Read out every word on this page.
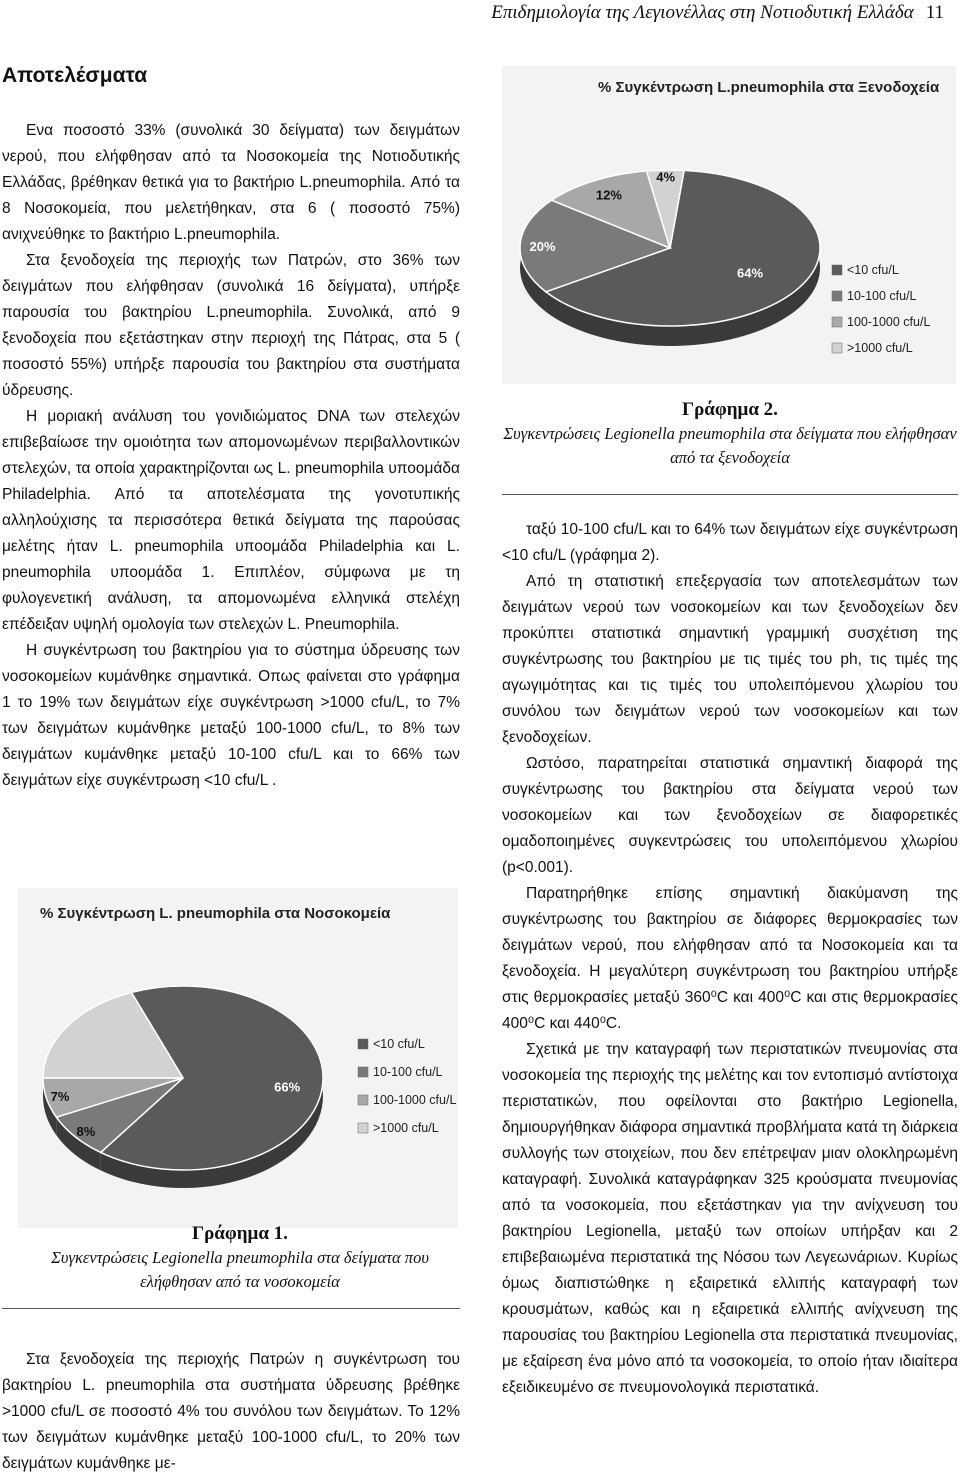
Επιδημιολογία της Λεγιονέλλας στη Νοτιοδυτική Ελλάδα 11
Αποτελέσματα

Ενα ποσοστό 33% (συνολικά 30 δείγματα) των δειγμάτων νερού, που ελήφθησαν από τα Νοσοκομεία της Νοτιοδυτικής Ελλάδας, βρέθηκαν θετικά για το βακτήριο L.pneumophila. Από τα 8 Νοσοκομεία, που μελετήθηκαν, στα 6 ( ποσοστό 75%) ανιχνεύθηκε το βακτήριο L.pneumophila.

Στα ξενοδοχεία της περιοχής των Πατρών, στο 36% των δειγμάτων που ελήφθησαν (συνολικά 16 δείγματα), υπήρξε παρουσία του βακτηρίου L.pneumophila. Συνολικά, από 9 ξενοδοχεία που εξετάστηκαν στην περιοχή της Πάτρας, στα 5 ( ποσοστό 55%) υπήρξε παρουσία του βακτηρίου στα συστήματα ύδρευσης.

Η μοριακή ανάλυση του γονιδιώματος DNA των στελεχών επιβεβαίωσε την ομοιότητα των απομονωμένων περιβαλλοντικών στελεχών, τα οποία χαρακτηρίζονται ως L. pneumophila υποομάδα Philadelphia. Από τα αποτελέσματα της γονοτυπικής αλληλούχισης τα περισσότερα θετικά δείγματα της παρούσας μελέτης ήταν L. pneumophila υποομάδα Philadelphia και L. pneumophila υποομάδα 1. Επιπλέον, σύμφωνα με τη φυλογενετική ανάλυση, τα απομονωμένα ελληνικά στελέχη επέδειξαν υψηλή ομολογία των στελεχών L. Pneumophila.

Η συγκέντρωση του βακτηρίου για το σύστημα ύδρευσης των νοσοκομείων κυμάνθηκε σημαντικά. Οπως φαίνεται στο γράφημα 1 το 19% των δειγμάτων είχε συγκέντρωση >1000 cfu/L, το 7% των δειγμάτων κυμάνθηκε μεταξύ 100-1000 cfu/L, το 8% των δειγμάτων κυμάνθηκε μεταξύ 10-100 cfu/L και το 66% των δειγμάτων είχε συγκέντρωση <10 cfu/L .

% Συγκέντρωση L. pneumophila στα Νοσοκομεία
66%
8%
7%
<10 cfu/L
10-100 cfu/L
100-1000 cfu/L
>1000 cfu/L
Γράφημα 1.
Συγκεντρώσεις Legionella pneumophila στα δείγματα που ελήφθησαν από τα νοσοκομεία

Στα ξενοδοχεία της περιοχής Πατρών η συγκέντρωση του βακτηρίου L. pneumophila στα συστήματα ύδρευσης βρέθηκε >1000 cfu/L σε ποσοστό 4% του συνόλου των δειγμάτων. Το 12% των δειγμάτων κυμάνθηκε μεταξύ 100-1000 cfu/L, το 20% των δειγμάτων κυμάνθηκε με-

% Συγκέντρωση L.pneumophila στα Ξενοδοχεία
64%
20%
12%
4%
<10 cfu/L
10-100 cfu/L
100-1000 cfu/L
>1000 cfu/L
Γράφημα 2.
Συγκεντρώσεις Legionella pneumophila στα δείγματα που ελήφθησαν από τα ξενοδοχεία

ταξύ 10-100 cfu/L και το 64% των δειγμάτων είχε συγκέντρωση <10 cfu/L (γράφημα 2).

Από τη στατιστική επεξεργασία των αποτελεσμάτων των δειγμάτων νερού των νοσοκομείων και των ξενοδοχείων δεν προκύπτει στατιστικά σημαντική γραμμική συσχέτιση της συγκέντρωσης του βακτηρίου με τις τιμές του ph, τις τιμές της αγωγιμότητας και τις τιμές του υπολειπόμενου χλωρίου του συνόλου των δειγμάτων νερού των νοσοκομείων και των ξενοδοχείων.

Ωστόσο, παρατηρείται στατιστικά σημαντική διαφορά της συγκέντρωσης του βακτηρίου στα δείγματα νερού των νοσοκομείων και των ξενοδοχείων σε διαφορετικές ομαδοποιημένες συγκεντρώσεις του υπολειπόμενου χλωρίου (p<0.001).

Παρατηρήθηκε επίσης σημαντική διακύμανση της συγκέντρωσης του βακτηρίου σε διάφορες θερμοκρασίες των δειγμάτων νερού, που ελήφθησαν από τα Νοσοκομεία και τα ξενοδοχεία. Η μεγαλύτερη συγκέντρωση του βακτηρίου υπήρξε στις θερμοκρασίες μεταξύ 360⁰C και 400⁰C και στις θερμοκρασίες 400⁰C και 440⁰C.

Σχετικά με την καταγραφή των περιστατικών πνευμονίας στα νοσοκομεία της περιοχής της μελέτης και τον εντοπισμό αντίστοιχα περιστατικών, που οφείλονται στο βακτήριο Legionella, δημιουργήθηκαν διάφορα σημαντικά προβλήματα κατά τη διάρκεια συλλογής των στοιχείων, που δεν επέτρεψαν μιαν ολοκληρωμένη καταγραφή. Συνολικά καταγράφηκαν 325 κρούσματα πνευμονίας από τα νοσοκομεία, που εξετάστηκαν για την ανίχνευση του βακτηρίου Legionella, μεταξύ των οποίων υπήρξαν και 2 επιβεβαιωμένα περιστατικά της Νόσου των Λεγεωνάριων. Κυρίως όμως διαπιστώθηκε η εξαιρετικά ελλιπής καταγραφή των κρουσμάτων, καθώς και η εξαιρετικά ελλιπής ανίχνευση της παρουσίας του βακτηρίου Legionella στα περιστατικά πνευμονίας, με εξαίρεση ένα μόνο από τα νοσοκομεία, το οποίο ήταν ιδιαίτερα εξειδικευμένο σε πνευμονολογικά περιστατικά.
